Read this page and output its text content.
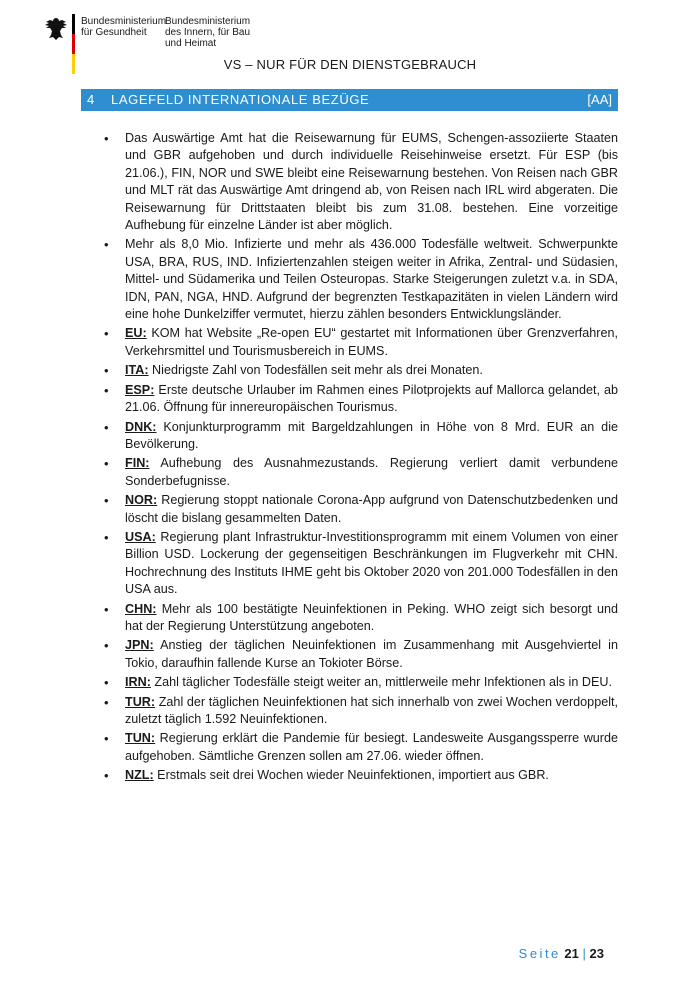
Bundesministerium
für Gesundheit
Bundesministerium
des Innern, für Bau
und Heimat
VS – NUR FÜR DEN DIENSTGEBRAUCH
4 LAGEFELD INTERNATIONALE BEZÜGE	[AA]
• Das Auswärtige Amt hat die Reisewarnung für EUMS, Schengen-assoziierte Staaten und GBR aufgehoben und durch individuelle Reisehinweise ersetzt. Für ESP (bis 21.06.), FIN, NOR und SWE bleibt eine Reisewarnung bestehen. Von Reisen nach GBR und MLT rät das Auswärtige Amt dringend ab, von Reisen nach IRL wird abgeraten. Die Reisewarnung für Drittstaaten bleibt bis zum 31.08. bestehen. Eine vorzeitige Aufhebung für einzelne Länder ist aber möglich.
• Mehr als 8,0 Mio. Infizierte und mehr als 436.000 Todesfälle weltweit. Schwerpunkte USA, BRA, RUS, IND. Infiziertenzahlen steigen weiter in Afrika, Zentral- und Südasien, Mittel- und Südamerika und Teilen Osteuropas. Starke Steigerungen zuletzt v.a. in SDA, IDN, PAN, NGA, HND. Aufgrund der begrenzten Testkapazitäten in vielen Ländern wird eine hohe Dunkelziffer vermutet, hierzu zählen besonders Entwicklungsländer.
• EU: KOM hat Website „Re-open EU“ gestartet mit Informationen über Grenzverfahren, Verkehrsmittel und Tourismusbereich in EUMS.
• ITA: Niedrigste Zahl von Todesfällen seit mehr als drei Monaten.
• ESP: Erste deutsche Urlauber im Rahmen eines Pilotprojekts auf Mallorca gelandet, ab 21.06. Öffnung für innereuropäischen Tourismus.
• DNK: Konjunkturprogramm mit Bargeldzahlungen in Höhe von 8 Mrd. EUR an die Bevölkerung.
• FIN: Aufhebung des Ausnahmezustands. Regierung verliert damit verbundene Sonderbefugnisse.
• NOR: Regierung stoppt nationale Corona-App aufgrund von Datenschutzbedenken und löscht die bislang gesammelten Daten.
• USA: Regierung plant Infrastruktur-Investitionsprogramm mit einem Volumen von einer Billion USD. Lockerung der gegenseitigen Beschränkungen im Flugverkehr mit CHN. Hochrechnung des Instituts IHME geht bis Oktober 2020 von 201.000 Todesfällen in den USA aus.
• CHN: Mehr als 100 bestätigte Neuinfektionen in Peking. WHO zeigt sich besorgt und hat der Regierung Unterstützung angeboten.
• JPN: Anstieg der täglichen Neuinfektionen im Zusammenhang mit Ausgehviertel in Tokio, daraufhin fallende Kurse an Tokioter Börse.
• IRN: Zahl täglicher Todesfälle steigt weiter an, mittlerweile mehr Infektionen als in DEU.
• TUR: Zahl der täglichen Neuinfektionen hat sich innerhalb von zwei Wochen verdoppelt, zuletzt täglich 1.592 Neuinfektionen.
• TUN: Regierung erklärt die Pandemie für besiegt. Landesweite Ausgangssperre wurde aufgehoben. Sämtliche Grenzen sollen am 27.06. wieder öffnen.
• NZL: Erstmals seit drei Wochen wieder Neuinfektionen, importiert aus GBR.
Seite 21 | 23
